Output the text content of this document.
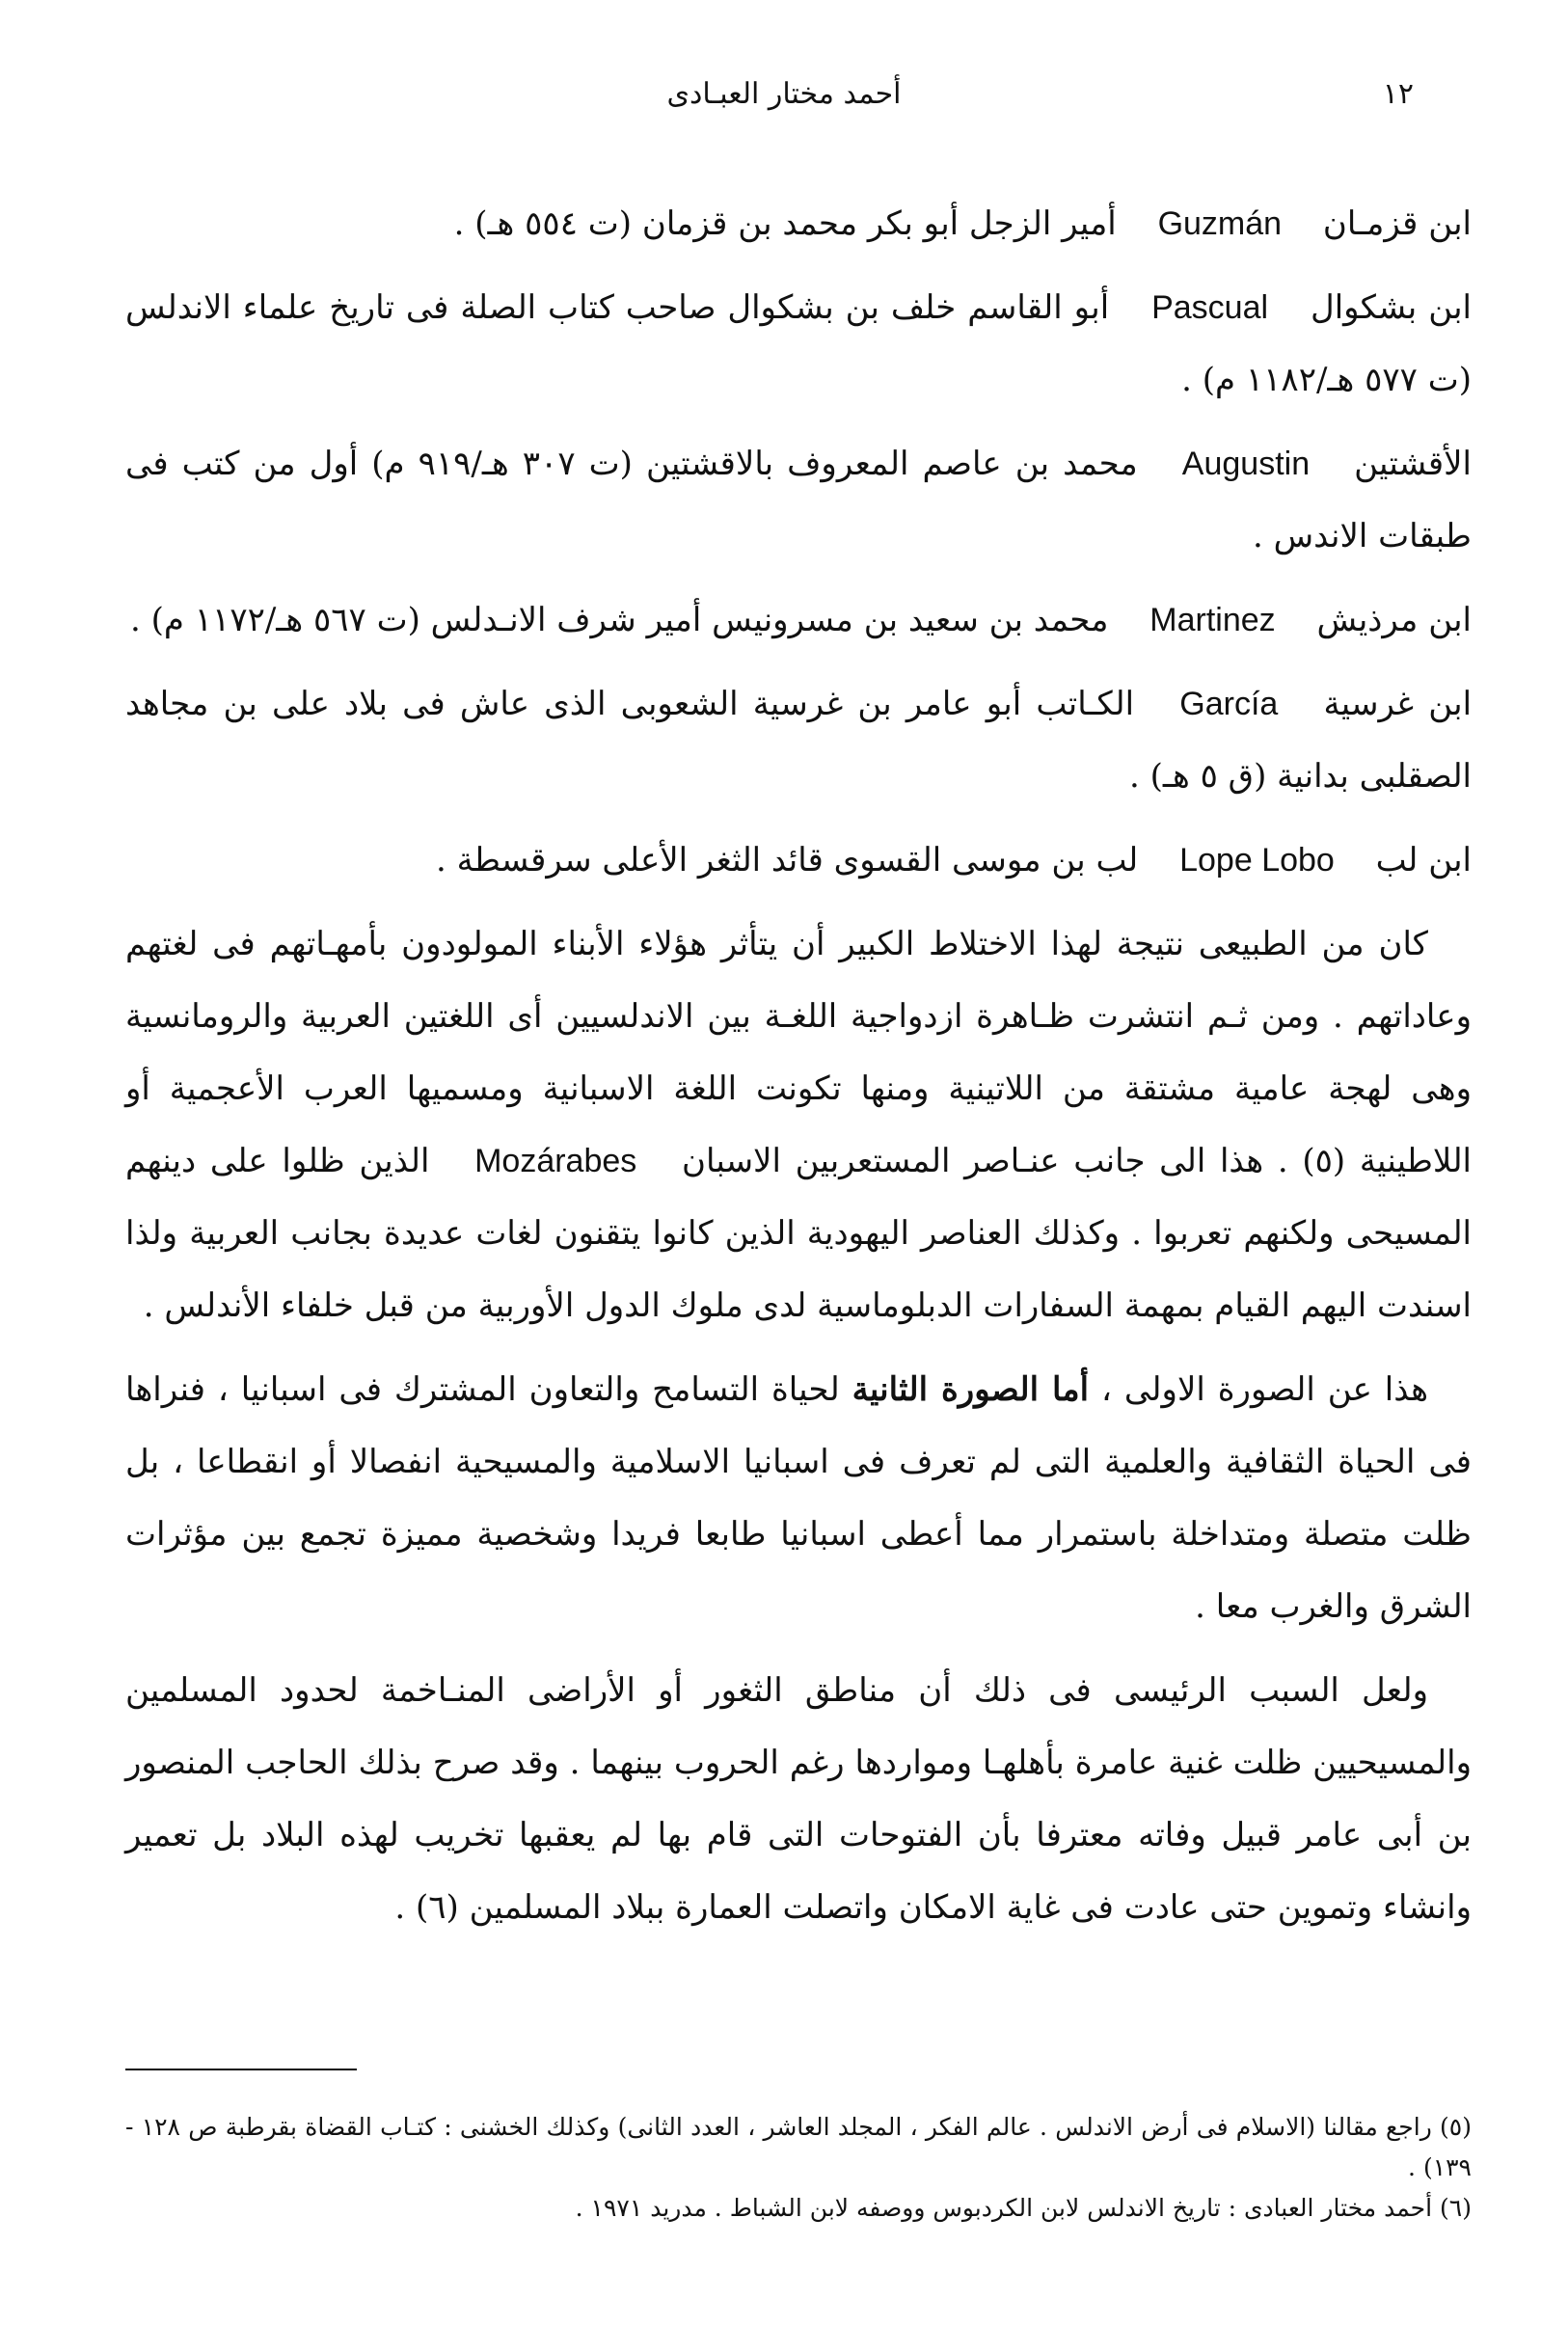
١٢
أحمد مختار العبـادى

ابن قزمـان Guzmán أمير الزجل أبو بكر محمد بن قزمان (ت ٥٥٤ هـ) .

ابن بشكوال Pascual أبو القاسم خلف بن بشكوال صاحب كتاب الصلة فى تاريخ علماء الاندلس (ت ٥٧٧ هـ/١١٨٢ م) .

الأقشتين Augustin محمد بن عاصم المعروف بالاقشتين (ت ٣٠٧ هـ/٩١٩ م) أول من كتب فى طبقات الاندس .

ابن مرذيش Martinez محمد بن سعيد بن مسرونيس أمير شرف الانـدلس (ت ٥٦٧ هـ/١١٧٢ م) .

ابن غرسية García الكـاتب أبو عامر بن غرسية الشعوبى الذى عاش فى بلاد على بن مجاهد الصقلبى بدانية (ق ٥ هـ) .

ابن لب Lope Lobo لب بن موسى القسوى قائد الثغر الأعلى سرقسطة .

كان من الطبيعى نتيجة لهذا الاختلاط الكبير أن يتأثر هؤلاء الأبناء المولودون بأمهـاتهم فى لغتهم وعاداتهم . ومن ثـم انتشرت ظـاهرة ازدواجية اللغـة بين الاندلسيين أى اللغتين العربية والرومانسية وهى لهجة عامية مشتقة من اللاتينية ومنها تكونت اللغة الاسبانية ومسميها العرب الأعجمية أو اللاطينية (٥) . هذا الى جانب عنـاصر المستعربين الاسبان Mozárabes الذين ظلوا على دينهم المسيحى ولكنهم تعربوا . وكذلك العناصر اليهودية الذين كانوا يتقنون لغات عديدة بجانب العربية ولذا اسندت اليهم القيام بمهمة السفارات الدبلوماسية لدى ملوك الدول الأوربية من قبل خلفاء الأندلس .

هذا عن الصورة الاولى ، أما الصورة الثانية لحياة التسامح والتعاون المشترك فى اسبانيا ، فنراها فى الحياة الثقافية والعلمية التى لم تعرف فى اسبانيا الاسلامية والمسيحية انفصالا أو انقطاعا ، بل ظلت متصلة ومتداخلة باستمرار مما أعطى اسبانيا طابعا فريدا وشخصية مميزة تجمع بين مؤثرات الشرق والغرب معا .

ولعل السبب الرئيسى فى ذلك أن مناطق الثغور أو الأراضى المنـاخمة لحدود المسلمين والمسيحيين ظلت غنية عامرة بأهلهـا ومواردها رغم الحروب بينهما . وقد صرح بذلك الحاجب المنصور بن أبى عامر قبيل وفاته معترفا بأن الفتوحات التى قام بها لم يعقبها تخريب لهذه البلاد بل تعمير وانشاء وتموين حتى عادت فى غاية الامكان واتصلت العمارة ببلاد المسلمين (٦) .

(٥) راجع مقالنا (الاسلام فى أرض الاندلس . عالم الفكر ، المجلد العاشر ، العدد الثانى) وكذلك الخشنى : كتـاب القضاة بقرطبة ص ١٢٨ - ١٣٩) .

(٦) أحمد مختار العبادى : تاريخ الاندلس لابن الكردبوس ووصفه لابن الشباط . مدريد ١٩٧١ .
